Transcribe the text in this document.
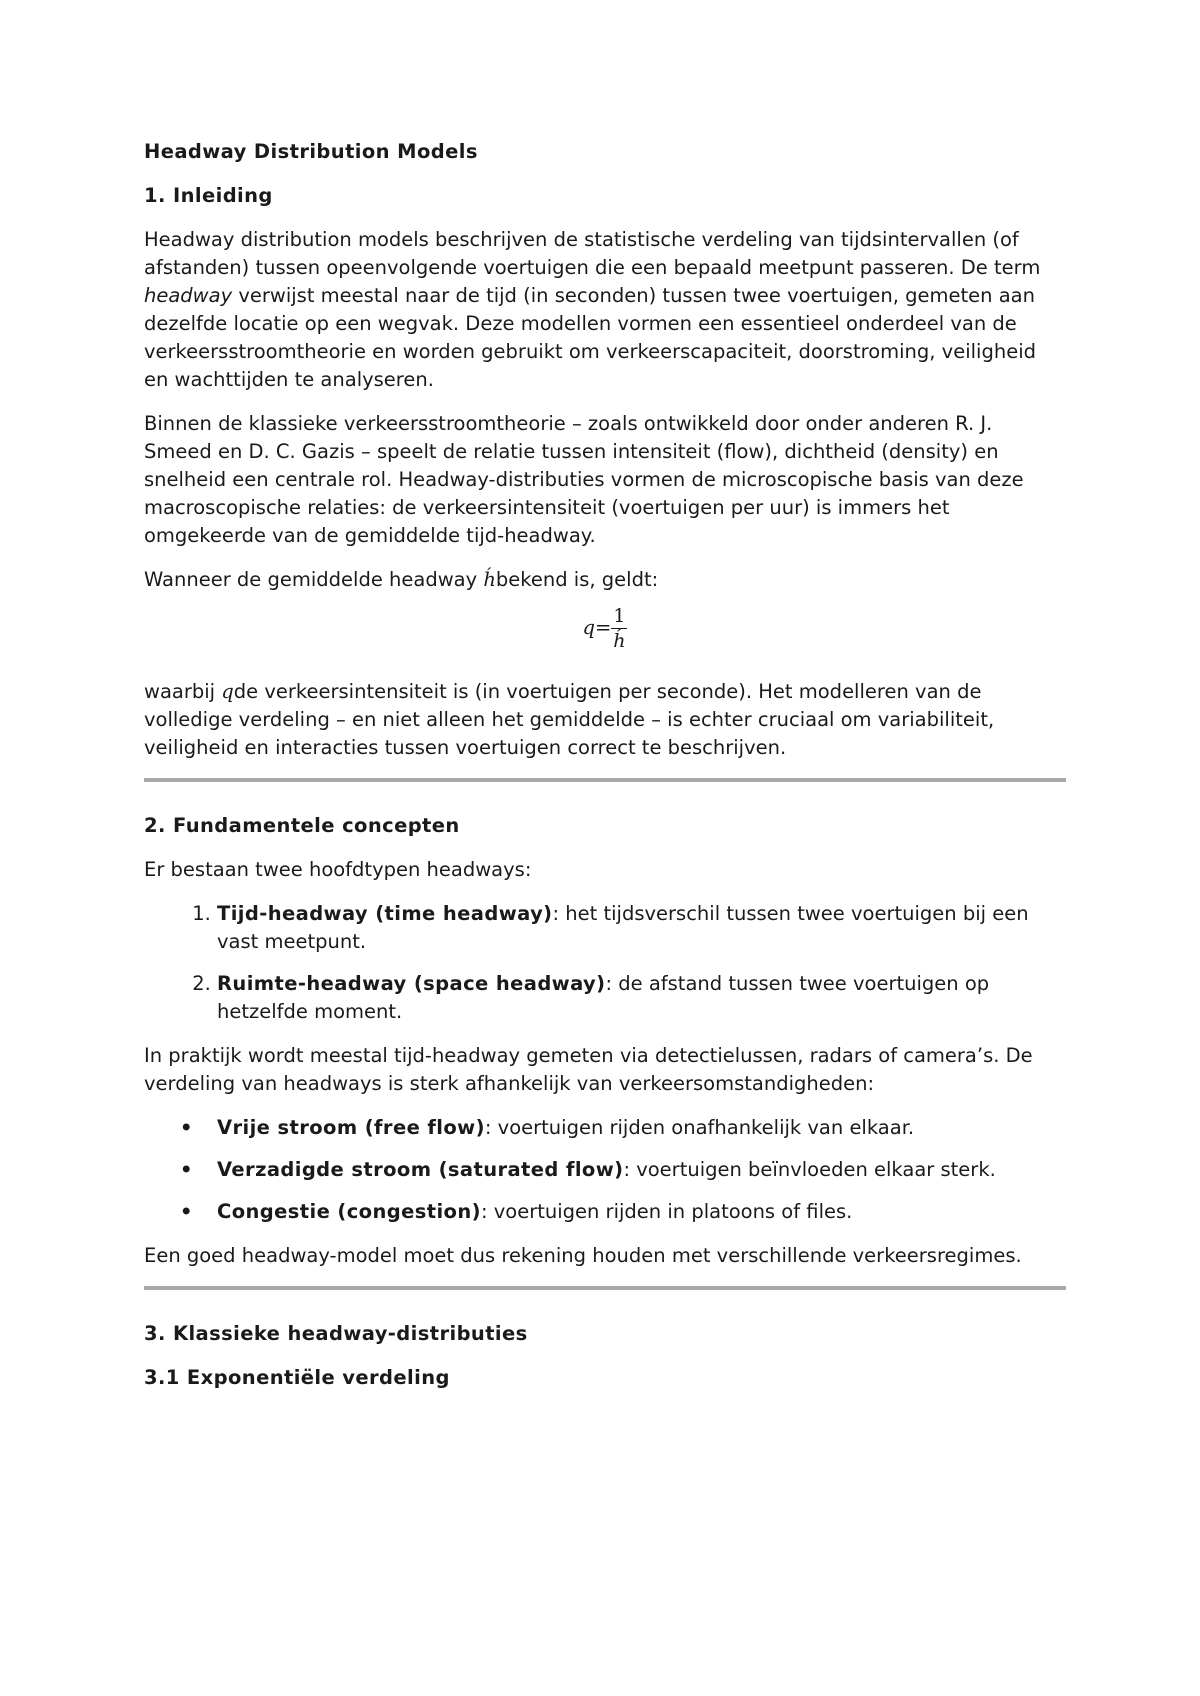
Headway Distribution Models
1. Inleiding

Headway distribution models beschrijven de statistische verdeling van tijdsintervallen (of afstanden) tussen opeenvolgende voertuigen die een bepaald meetpunt passeren. De term headway verwijst meestal naar de tijd (in seconden) tussen twee voertuigen, gemeten aan dezelfde locatie op een wegvak. Deze modellen vormen een essentieel onderdeel van de verkeersstroomtheorie en worden gebruikt om verkeerscapaciteit, doorstroming, veiligheid en wachttijden te analyseren.

Binnen de klassieke verkeersstroomtheorie – zoals ontwikkeld door onder anderen R. J. Smeed en D. C. Gazis – speelt de relatie tussen intensiteit (flow), dichtheid (density) en snelheid een centrale rol. Headway-distributies vormen de microscopische basis van deze macroscopische relaties: de verkeersintensiteit (voertuigen per uur) is immers het omgekeerde van de gemiddelde tijd-headway.

Wanneer de gemiddelde headway h́bekend is, geldt:

$q= \frac{1}{h́}$

waarbij qde verkeersintensiteit is (in voertuigen per seconde). Het modelleren van de volledige verdeling – en niet alleen het gemiddelde – is echter cruciaal om variabiliteit, veiligheid en interacties tussen voertuigen correct te beschrijven.

2. Fundamentele concepten

Er bestaan twee hoofdtypen headways:

1. Tijd-headway (time headway): het tijdsverschil tussen twee voertuigen bij een vast meetpunt.
2. Ruimte-headway (space headway): de afstand tussen twee voertuigen op hetzelfde moment.

In praktijk wordt meestal tijd-headway gemeten via detectielussen, radars of camera’s. De verdeling van headways is sterk afhankelijk van verkeersomstandigheden:

• Vrije stroom (free flow): voertuigen rijden onafhankelijk van elkaar.
• Verzadigde stroom (saturated flow): voertuigen beïnvloeden elkaar sterk.
• Congestie (congestion): voertuigen rijden in platoons of files.

Een goed headway-model moet dus rekening houden met verschillende verkeersregimes.

3. Klassieke headway-distributies
3.1 Exponentiële verdeling
